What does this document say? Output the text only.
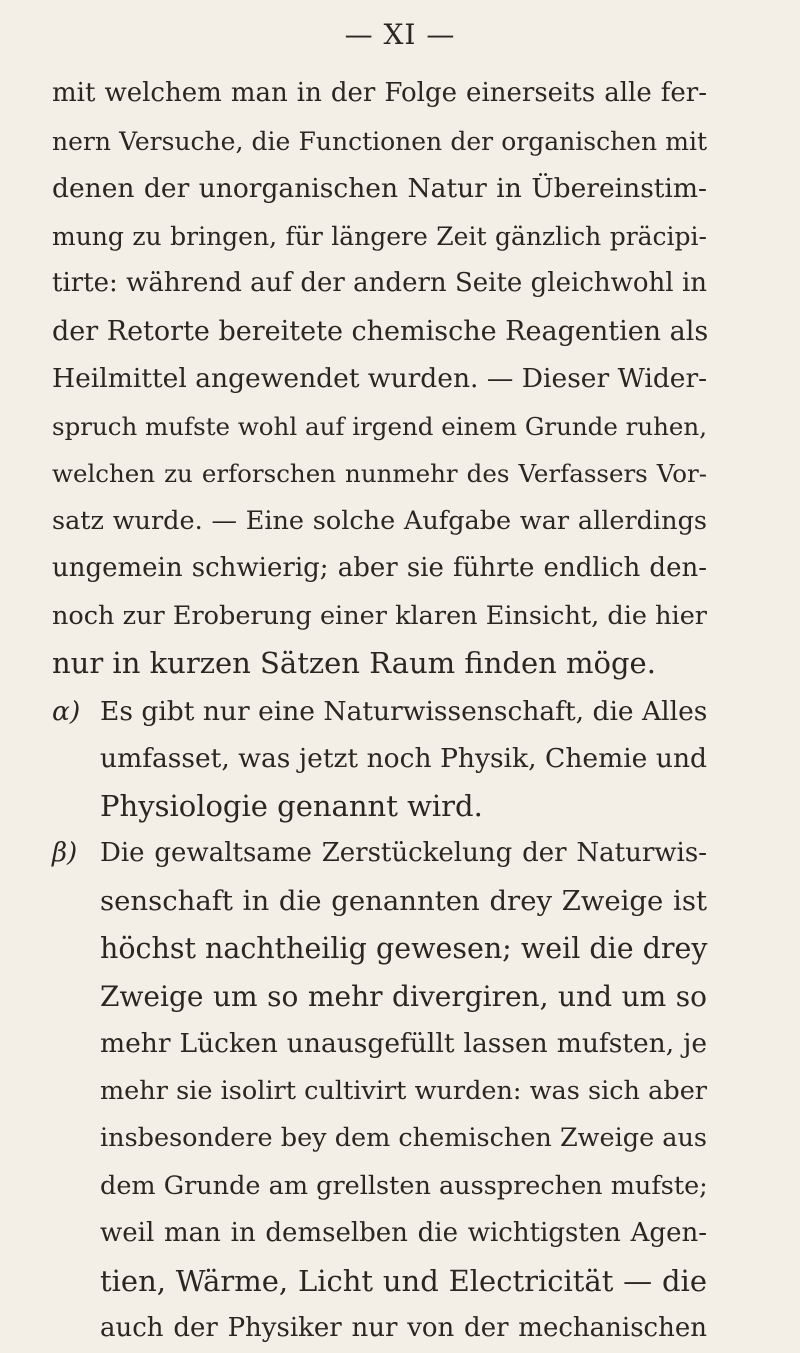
— XI —
mit welchem man in der Folge einerseits alle fer-
nern Versuche, die Functionen der organischen mit
denen der unorganischen Natur in Übereinstim-
mung zu bringen, für längere Zeit gänzlich präcipi-
tirte: während auf der andern Seite gleichwohl in
der Retorte bereitete chemische Reagentien als
Heilmittel angewendet wurden. — Dieser Wider-
spruch mufste wohl auf irgend einem Grunde ruhen,
welchen zu erforschen nunmehr des Verfassers Vor-
satz wurde. — Eine solche Aufgabe war allerdings
ungemein schwierig; aber sie führte endlich den-
noch zur Eroberung einer klaren Einsicht, die hier
nur in kurzen Sätzen Raum finden möge.
α) Es gibt nur eine Naturwissenschaft, die Alles
umfasset, was jetzt noch Physik, Chemie und
Physiologie genannt wird.
β) Die gewaltsame Zerstückelung der Naturwis-
senschaft in die genannten drey Zweige ist
höchst nachtheilig gewesen; weil die drey
Zweige um so mehr divergiren, und um so
mehr Lücken unausgefüllt lassen mufsten, je
mehr sie isolirt cultivirt wurden: was sich aber
insbesondere bey dem chemischen Zweige aus
dem Grunde am grellsten aussprechen mufste;
weil man in demselben die wichtigsten Agen-
tien, Wärme, Licht und Electricität — die
auch der Physiker nur von der mechanischen
